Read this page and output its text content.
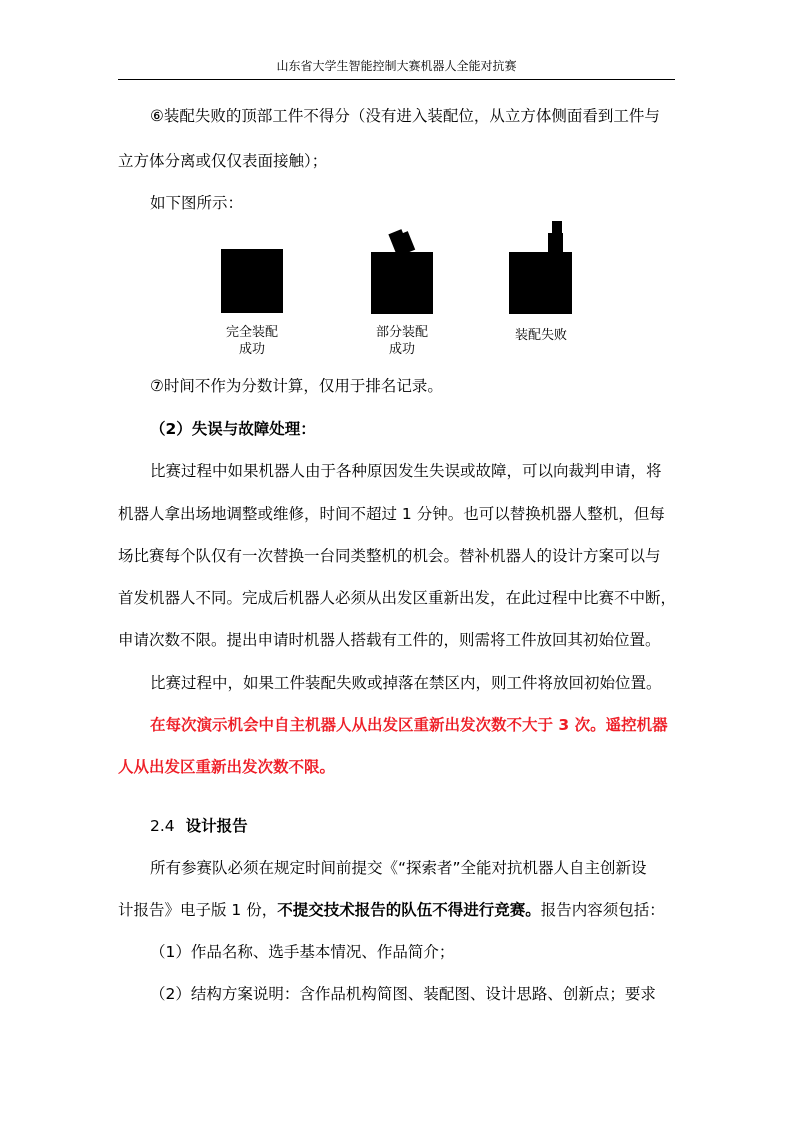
山东省大学生智能控制大赛机器人全能对抗赛
⑥装配失败的顶部工件不得分（没有进入装配位，从立方体侧面看到工件与
立方体分离或仅仅表面接触）；
如下图所示：
完全装配
成功
部分装配
成功
装配失败
⑦时间不作为分数计算，仅用于排名记录。
（2）失误与故障处理：
比赛过程中如果机器人由于各种原因发生失误或故障，可以向裁判申请，将
机器人拿出场地调整或维修，时间不超过 1 分钟。也可以替换机器人整机，但每
场比赛每个队仅有一次替换一台同类整机的机会。替补机器人的设计方案可以与
首发机器人不同。完成后机器人必须从出发区重新出发，在此过程中比赛不中断，
申请次数不限。提出申请时机器人搭载有工件的，则需将工件放回其初始位置。
比赛过程中，如果工件装配失败或掉落在禁区内，则工件将放回初始位置。
在每次演示机会中自主机器人从出发区重新出发次数不大于 3 次。遥控机器
人从出发区重新出发次数不限。
2.4 设计报告
所有参赛队必须在规定时间前提交《“探索者”全能对抗机器人自主创新设
计报告》电子版 1 份，不提交技术报告的队伍不得进行竞赛。报告内容须包括：
（1）作品名称、选手基本情况、作品简介；
（2）结构方案说明：含作品机构简图、装配图、设计思路、创新点；要求
